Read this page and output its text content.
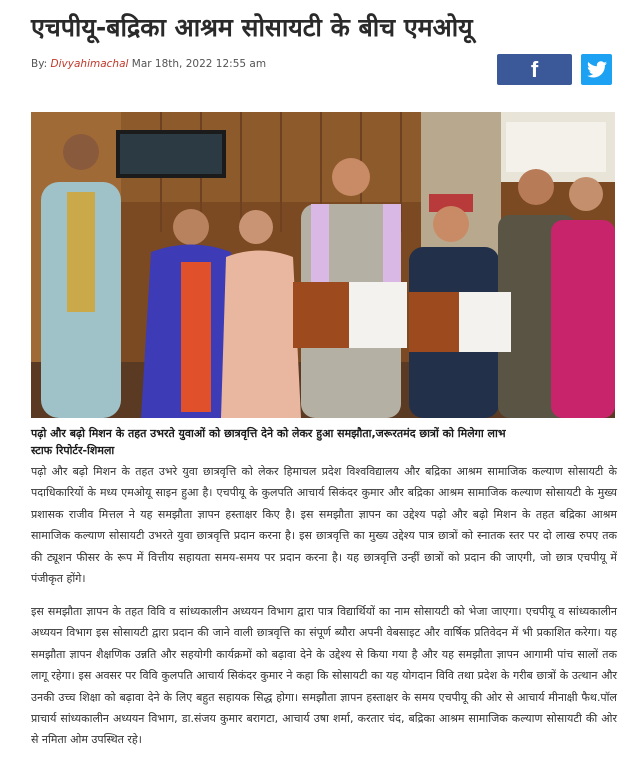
एचपीयू-बद्रिका आश्रम सोसायटी के बीच एमओयू
By: Divyahimachal Mar 18th, 2022 12:55 am	f
पढ़ो और बढ़ो मिशन के तहत उभरते युवाओं को छात्रवृत्ति देने को लेकर हुआ समझौता,जरूरतमंद छात्रों को मिलेगा लाभ
स्टाफ रिपोर्टर-शिमला

पढ़ो और बढ़ो मिशन के तहत उभरे युवा छात्रवृत्ति को लेकर हिमाचल प्रदेश विश्वविद्यालय और बद्रिका आश्रम सामाजिक कल्याण सोसायटी के पदाधिकारियों के मध्य एमओयू साइन हुआ है। एचपीयू के कुलपति आचार्य सिकंदर कुमार और बद्रिका आश्रम सामाजिक कल्याण सोसायटी के मुख्य प्रशासक राजीव मित्तल ने यह समझौता ज्ञापन हस्ताक्षर किए है। इस समझौता ज्ञापन का उद्देश्य पढ़ो और बढ़ो मिशन के तहत बद्रिका आश्रम सामाजिक कल्याण सोसायटी उभरते युवा छात्रवृत्ति प्रदान करना है। इस छात्रवृत्ति का मुख्य उद्देश्य पात्र छात्रों को स्नातक स्तर पर दो लाख रुपए तक की ट्यूशन फीसर के रूप में वित्तीय सहायता समय-समय पर प्रदान करना है। यह छात्रवृत्ति उन्हीं छात्रों को प्रदान की जाएगी, जो छात्र एचपीयू में पंजीकृत होंगे।

इस समझौता ज्ञापन के तहत विवि व सांध्यकालीन अध्ययन विभाग द्वारा पात्र विद्यार्थियों का नाम सोसायटी को भेजा जाएगा। एचपीयू व सांध्यकालीन अध्ययन विभाग इस सोसायटी द्वारा प्रदान की जाने वाली छात्रवृत्ति का संपूर्ण ब्यौरा अपनी वेबसाइट और वार्षिक प्रतिवेदन में भी प्रकाशित करेगा। यह समझौता ज्ञापन शैक्षणिक उन्नति और सहयोगी कार्यक्रमों को बढ़ावा देने के उद्देश्य से किया गया है और यह समझौता ज्ञापन आगामी पांच सालों तक लागू रहेगा। इस अवसर पर विवि कुलपति आचार्य सिकंदर कुमार ने कहा कि सोसायटी का यह योगदान विवि तथा प्रदेश के गरीब छात्रों के उत्थान और उनकी उच्च शिक्षा को बढ़ावा देने के लिए बहुत सहायक सिद्ध होगा। समझौता ज्ञापन हस्ताक्षर के समय एचपीयू की ओर से आचार्य मीनाक्षी फैथ.पॉल प्राचार्य सांध्यकालीन अध्ययन विभाग, डा.संजय कुमार बरागटा, आचार्य उषा शर्मा, करतार चंद, बद्रिका आश्रम सामाजिक कल्याण सोसायटी की ओर से नमिता ओम उपस्थित रहे।
